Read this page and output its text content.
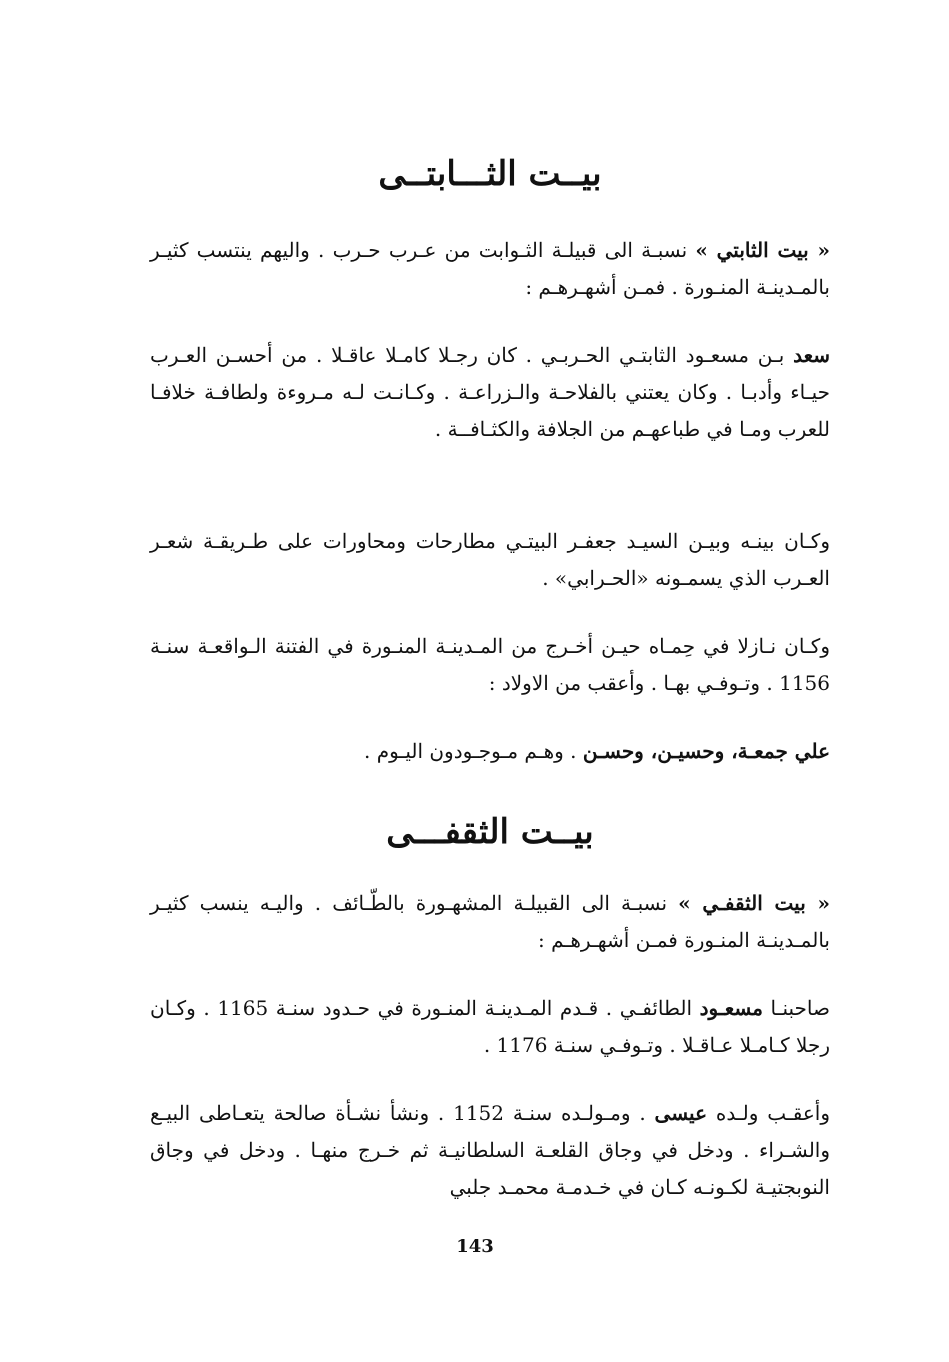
بيــت الثـــابتــى

« بيت الثابتي » نسبـة الى قبيلـة الثـوابت من عـرب حـرب . واليهم ينتسب كثيـر بالمـدينـة المنـورة . فمـن أشهـرهـم :

سعد بـن مسعـود الثابتـي الحـربـي . كان رجـلا كامـلا عاقـلا . من أحسـن العـرب حيـاء وأدبـا . وكان يعتني بالفلاحـة والـزراعـة . وكـانـت لـه مـروءة ولطافـة خلافـا للعرب ومـا في طباعهـم من الجلافة والكثـافــة .

وكـان بينـه وبيـن السيـد جعفـر البيتـي مطارحات ومحاورات على طـريقـة شعـر العـرب الذي يسمـونه «الحـرابي» .
وكـان نـازلا في حِمـاه حيـن أخـرج من المـدينـة المنـورة في الفتنة الـواقعـة سنـة 1156 . وتـوفـي بهـا . وأعقب من الاولاد :

علي جمعـة، وحسيـن، وحسـن . وهـم مـوجـودون اليـوم .

بيــت الثقفـــى

« بيت الثقفـي » نسبـة الى القبيلـة المشهـورة بالطّـائف . واليـه ينسب كثيـر بالمـدينـة المنـورة فمـن أشهـرهـم :

صاحبنـا مسعـود الطائفـي . قـدم المـدينـة المنـورة في حـدود سنـة 1165 . وكـان رجلا كـامـلا عـاقـلا . وتـوفـي سنـة 1176 .

وأعقـب ولـده عيسى . ومـولـده سنـة 1152 . ونشأ نشـأة صالحة يتعـاطى البيـع والشـراء . ودخل في وجاق القلعـة السلطانيـة ثم خـرج منهـا . ودخل في وجاق النوبجتيـة لكـونـه كـان في خـدمـة محمـد جلبي

143
